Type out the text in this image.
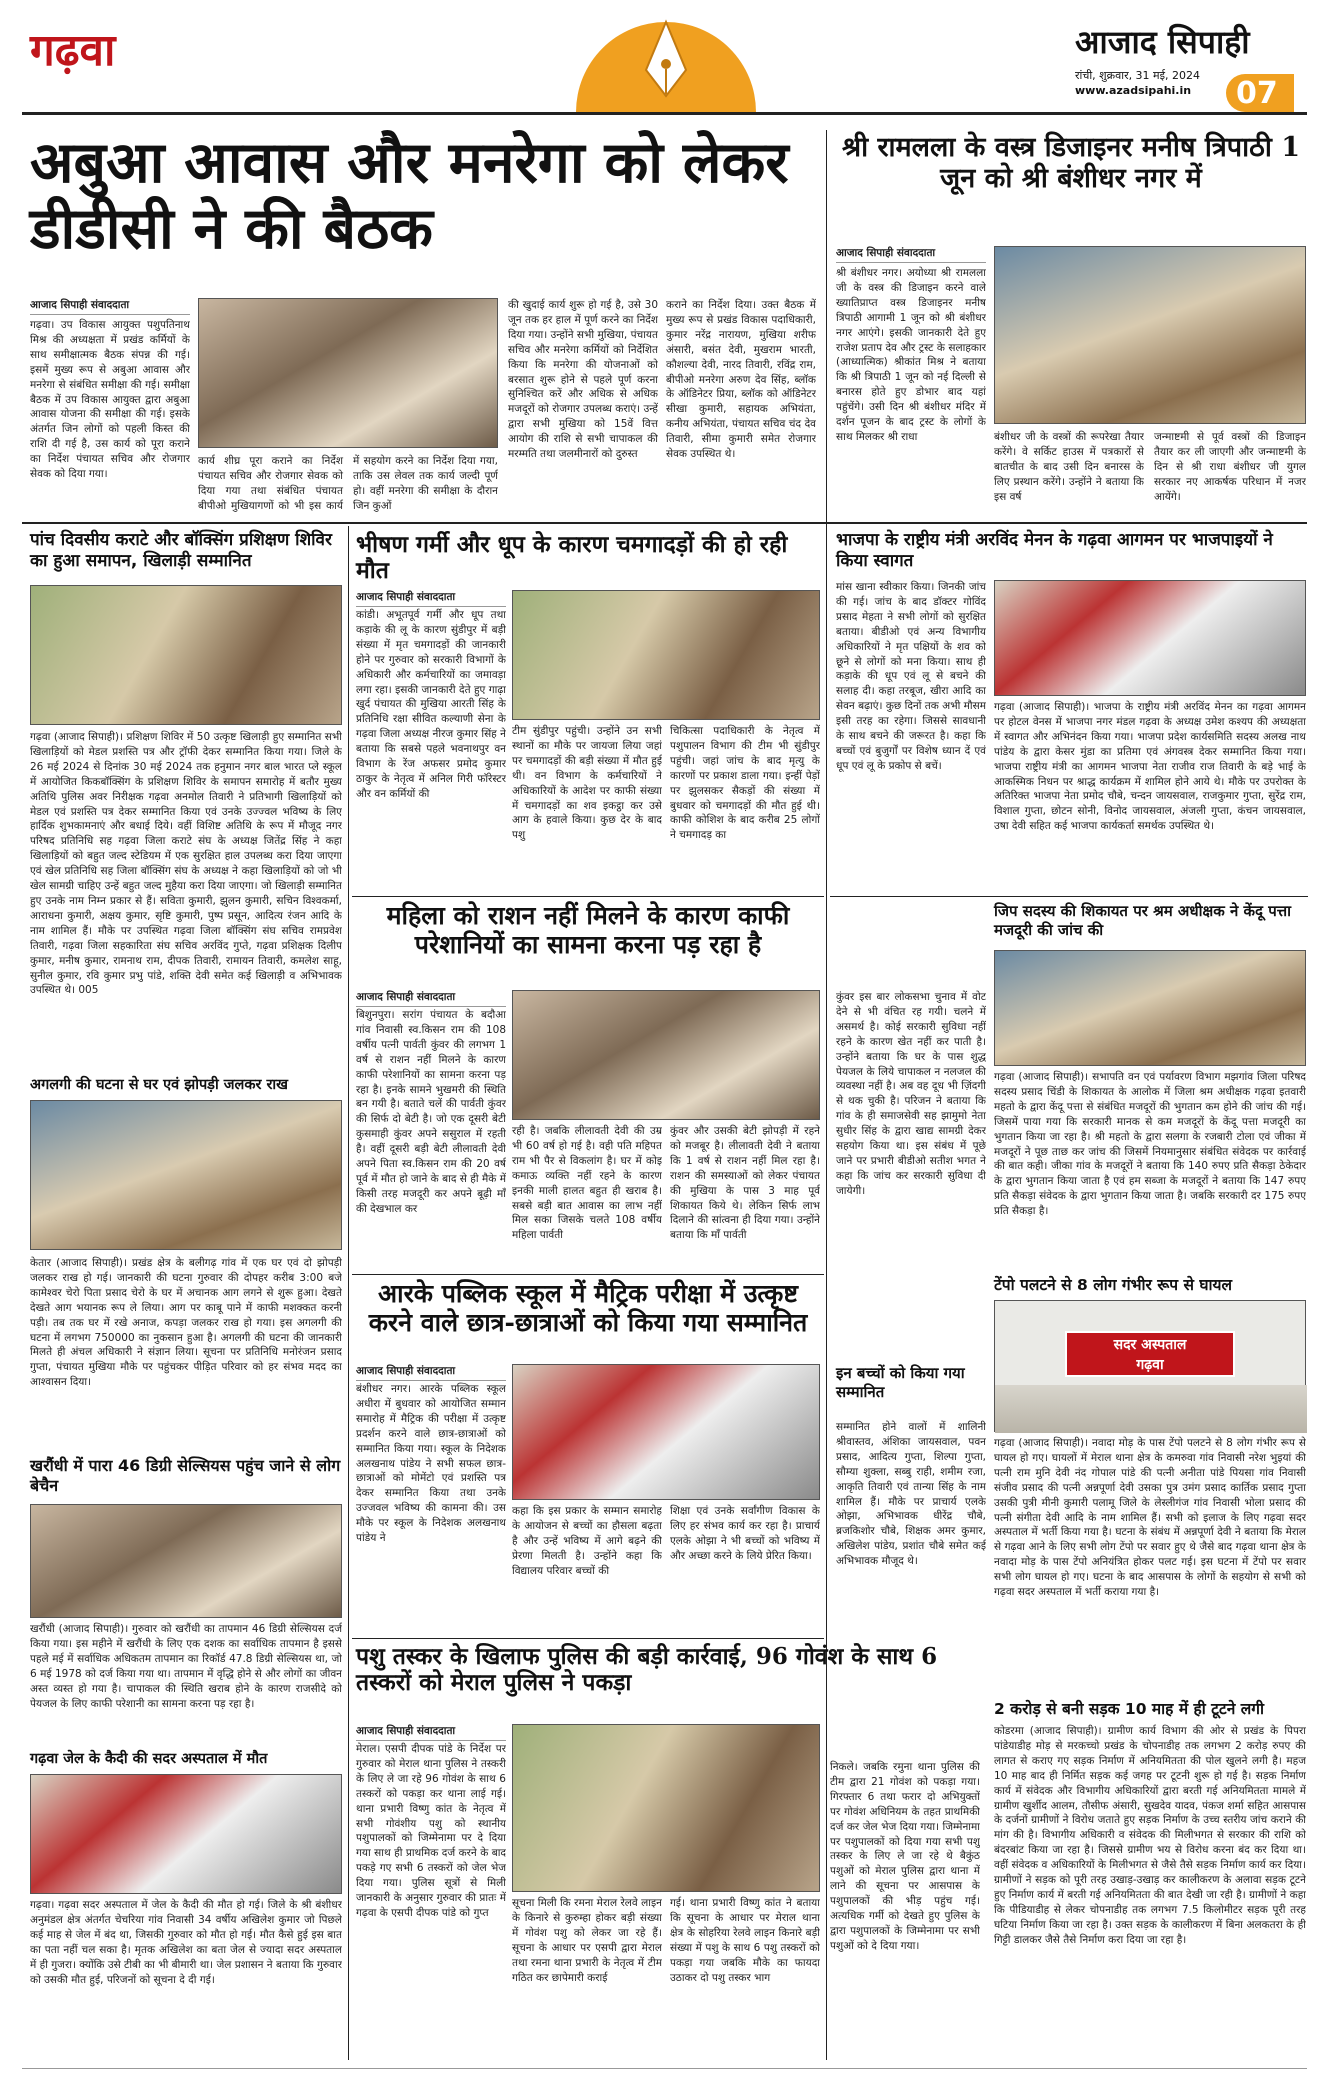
गढ़वा	आजाद सिपाही
रांची, शुक्रवार, 31 मई, 2024
www.azadsipahi.in 07
अबुआ आवास और मनरेगा को लेकर डीडीसी ने की बैठक
आजाद सिपाही संवाददाता
गढ़वा। उप विकास आयुक्त पशुपतिनाथ मिश्र की अध्यक्षता में प्रखंड कर्मियों के साथ समीक्षात्मक बैठक संपन्न की गई। इसमें मुख्य रूप से अबुआ आवास और मनरेगा से संबंधित समीक्षा की गई। समीक्षा बैठक में उप विकास आयुक्त द्वारा अबुआ आवास योजना की समीक्षा की गई। इसके अंतर्गत जिन लोगों को पहली किस्त की राशि दी गई है, उस कार्य को पूरा कराने का निर्देश पंचायत सचिव और रोजगार सेवक को दिया गया।
कार्य शीघ्र पूरा कराने का निर्देश पंचायत सचिव और रोजगार सेवक को दिया गया तथा संबंधित पंचायत बीपीओ मुखियागणों को भी इस कार्य में सहयोग करने का निर्देश दिया गया, ताकि उस लेवल तक कार्य जल्दी पूर्ण हो। वहीं मनरेगा की समीक्षा के दौरान जिन कुओं
की खुदाई कार्य शुरू हो गई है, उसे 30 जून तक हर हाल में पूर्ण करने का निर्देश दिया गया। उन्होंने सभी मुखिया, पंचायत सचिव और मनरेगा कर्मियों को निर्देशित किया कि मनरेगा की योजनाओं को बरसात शुरू होने से पहले पूर्ण करना सुनिश्चित करें और अधिक से अधिक मजदूरों को रोजगार उपलब्ध कराएं। उन्हें द्वारा सभी मुखिया को 15वें वित्त आयोग की राशि से सभी चापाकल की मरम्मति तथा जलमीनारों को दुरुस्त
कराने का निर्देश दिया। उक्त बैठक में मुख्य रूप से प्रखंड विकास पदाधिकारी, कुमार नरेंद्र नारायण, मुखिया शरीफ अंसारी, बसंत देवी, मुखराम भारती, कौशल्या देवी, नारद तिवारी, रविंद्र राम, बीपीओ मनरेगा अरुण देव सिंह, ब्लॉक के ऑडिनेटर प्रिया, ब्लॉक को ऑडिनेटर सीखा कुमारी, सहायक अभियंता, कनीय अभियंता, पंचायत सचिव चंद देव तिवारी, सीमा कुमारी समेत रोजगार सेवक उपस्थित थे।
श्री रामलला के वस्त्र डिजाइनर मनीष त्रिपाठी 1 जून को श्री बंशीधर नगर में
आजाद सिपाही संवाददाता
श्री बंशीधर नगर। अयोध्या श्री रामलला जी के वस्त्र की डिजाइन करने वाले ख्यातिप्राप्त वस्त्र डिजाइनर मनीष त्रिपाठी आगामी 1 जून को श्री बंशीधर नगर आएंगे। इसकी जानकारी देते हुए राजेश प्रताप देव और ट्रस्ट के सलाहकार (आध्यात्मिक) श्रीकांत मिश्र ने बताया कि श्री त्रिपाठी 1 जून को नई दिल्ली से बनारस होते हुए डोभार बाद यहां पहुंचेंगे। उसी दिन श्री बंशीधर मंदिर में दर्शन पूजन के बाद ट्रस्ट के लोगों के साथ मिलकर श्री राधा	बंशीधर जी के वस्त्रों की रूपरेखा तैयार करेंगे। वे सर्किट हाउस में पत्रकारों से बातचीत के बाद उसी दिन बनारस के लिए प्रस्थान करेंगे। उन्होंने ने बताया कि इस वर्ष
जन्माष्टमी से पूर्व वस्त्रों की डिजाइन तैयार कर ली जाएगी और जन्माष्टमी के दिन से श्री राधा बंशीधर जी युगल सरकार नए आकर्षक परिधान में नजर आयेंगे।
पांच दिवसीय कराटे और बॉक्सिंग प्रशिक्षण शिविर का हुआ समापन, खिलाड़ी सम्मानित
गढ़वा (आजाद सिपाही)। प्रशिक्षण शिविर में 50 उत्कृष्ट खिलाड़ी हुए सम्मानित सभी खिलाड़ियों को मेडल प्रशस्ति पत्र और ट्रॉफी देकर सम्मानित किया गया। जिले के 26 मई 2024 से दिनांक 30 मई 2024 तक हनुमान नगर बाल भारत प्ले स्कूल में आयोजित किकबॉक्सिंग के प्रशिक्षण शिविर के समापन समारोह में बतौर मुख्य अतिथि पुलिस अवर निरीक्षक गढ़वा अनमोल तिवारी ने प्रतिभागी खिलाड़ियों को मेडल एवं प्रशस्ति पत्र देकर सम्मानित किया एवं उनके उज्ज्वल भविष्य के लिए हार्दिक शुभकामनाएं और बधाई दिये। वहीं विशिष्ट अतिथि के रूप में मौजूद नगर परिषद प्रतिनिधि सह गढ़वा जिला कराटे संघ के अध्यक्ष जितेंद्र सिंह ने कहा खिलाड़ियों को बहुत जल्द स्टेडियम में एक सुरक्षित हाल उपलब्ध करा दिया जाएगा एवं खेल प्रतिनिधि सह जिला बॉक्सिंग संघ के अध्यक्ष ने कहा खिलाड़ियों को जो भी खेल सामग्री चाहिए उन्हें बहुत जल्द मुहैया करा दिया जाएगा। जो खिलाड़ी सम्मानित हुए उनके नाम निम्न प्रकार से हैं। सविता कुमारी, झुलन कुमारी, सचिन विश्वकर्मा, आराधना कुमारी, अक्षय कुमार, सृष्टि कुमारी, पुष्प प्रसून, आदित्य रंजन आदि के नाम शामिल हैं। मौके पर उपस्थित गढ़वा जिला बॉक्सिंग संघ सचिव रामप्रवेश तिवारी, गढ़वा जिला सहकारिता संघ सचिव अरविंद गुप्ते, गढ़वा प्रशिक्षक दिलीप कुमार, मनीष कुमार, रामनाथ राम, दीपक तिवारी, रामायन तिवारी, कमलेश साहू, सुनील कुमार, रवि कुमार प्रभु पांडे, शक्ति देवी समेत कई खिलाड़ी व अभिभावक उपस्थित थे। 005
अगलगी की घटना से घर एवं झोपड़ी जलकर राख
केतार (आजाद सिपाही)। प्रखंड क्षेत्र के बलीगढ़ गांव में एक घर एवं दो झोपड़ी जलकर राख हो गई। जानकारी की घटना गुरुवार की दोपहर करीब 3:00 बजे कामेश्वर चेरो पिता प्रसाद चेरो के घर में अचानक आग लगने से शुरू हुआ। देखते देखते आग भयानक रूप ले लिया। आग पर काबू पाने में काफी मशक्कत करनी पड़ी। तब तक घर में रखे अनाज, कपड़ा जलकर राख हो गया। इस अगलगी की घटना में लगभग 750000 का नुकसान हुआ है। अगलगी की घटना की जानकारी मिलते ही अंचल अधिकारी ने संज्ञान लिया। सूचना पर प्रतिनिधि मनोरंजन प्रसाद गुप्ता, पंचायत मुखिया मौके पर पहुंचकर पीड़ित परिवार को हर संभव मदद का आश्वासन दिया।
खरौंधी में पारा 46 डिग्री सेल्सियस पहुंच जाने से लोग बेचैन
खरौंधी (आजाद सिपाही)। गुरुवार को खरौंधी का तापमान 46 डिग्री सेल्सियस दर्ज किया गया। इस महीने में खरौंधी के लिए एक दशक का सर्वाधिक तापमान है इससे पहले मई में सर्वाधिक अधिकतम तापमान का रिकॉर्ड 47.8 डिग्री सेल्सियस था, जो 6 मई 1978 को दर्ज किया गया था। तापमान में वृद्धि होने से और लोगों का जीवन अस्त व्यस्त हो गया है। चापाकल की स्थिति खराब होने के कारण राजसीदे को पेयजल के लिए काफी परेशानी का सामना करना पड़ रहा है।
गढ़वा जेल के कैदी की सदर अस्पताल में मौत
गढ़वा। गढ़वा सदर अस्पताल में जेल के कैदी की मौत हो गई। जिले के श्री बंशीधर अनुमंडल क्षेत्र अंतर्गत चेचरिया गांव निवासी 34 वर्षीय अखिलेश कुमार जो पिछले कई माह से जेल में बंद था, जिसकी गुरुवार को मौत हो गई। मौत कैसे हुई इस बात का पता नहीं चल सका है। मृतक अखिलेश का बता जेल से ज्यादा सदर अस्पताल में ही गुजरा। क्योंकि उसे टीबी का भी बीमारी था। जेल प्रशासन ने बताया कि गुरुवार को उसकी मौत हुई, परिजनों को सूचना दे दी गई।
भीषण गर्मी और धूप के कारण चमगादड़ों की हो रही मौत
आजाद सिपाही संवाददाता
कांडी। अभूतपूर्व गर्मी और धूप तथा कड़ाके की लू के कारण सुंडीपुर में बड़ी संख्या में मृत चमगादड़ों की जानकारी होने पर गुरुवार को सरकारी विभागों के अधिकारी और कर्मचारियों का जमावड़ा लगा रहा। इसकी जानकारी देते हुए गाढ़ा खुर्द पंचायत की मुखिया आरती सिंह के प्रतिनिधि रक्षा सीवित कल्याणी सेना के गढ़वा जिला अध्यक्ष नीरज कुमार सिंह ने बताया कि सबसे पहले भवनाथपुर वन विभाग के रेंज अफसर प्रमोद कुमार ठाकुर के नेतृत्व में अनिल गिरी फॉरेस्टर और वन कर्मियों की
टीम सुंडीपुर पहुंची। उन्होंने उन सभी स्थानों का मौके पर जायजा लिया जहां पर चमगादड़ों की बड़ी संख्या में मौत हुई थी। वन विभाग के कर्मचारियों ने अधिकारियों के आदेश पर काफी संख्या में चमगादड़ों का शव इकट्ठा कर उसे आग के हवाले किया। कुछ देर के बाद पशु
चिकित्सा पदाधिकारी के नेतृत्व में पशुपालन विभाग की टीम भी सुंडीपुर पहुंची। जहां जांच के बाद मृत्यु के कारणों पर प्रकाश डाला गया। इन्हीं पेड़ों पर झुलसकर सैकड़ों की संख्या में बुधवार को चमगादड़ों की मौत हुई थी। काफी कोशिश के बाद करीब 25 लोगों ने चमगादड़ का
महिला को राशन नहीं मिलने के कारण काफी परेशानियों का सामना करना पड़ रहा है
आजाद सिपाही संवाददाता
बिशुनपुरा। सरांग पंचायत के बदौआ गांव निवासी स्व.किसन राम की 108 वर्षीय पत्नी पार्वती कुंवर की लगभग 1 वर्ष से राशन नहीं मिलने के कारण काफी परेशानियों का सामना करना पड़ रहा है। इनके सामने भुखमरी की स्थिति बन गयी है। बताते चलें की पार्वती कुंवर की सिर्फ दो बेटी है। जो एक दूसरी बेटी कुसमाही कुंवर अपने ससुराल में रहती है। वहीं दूसरी बड़ी बेटी लीलावती देवी अपने पिता स्व.किसन राम की 20 वर्ष पूर्व में मौत हो जाने के बाद से ही मैके में किसी तरह मजदूरी कर अपने बूढ़ी माँ की देखभाल कर
रही है। जबकि लीलावती देवी की उम्र भी 60 वर्ष हो गई है। वही पति महिपत राम भी पैर से विकलांग है। घर में कोइ कमाऊ व्यक्ति नहीं रहने के कारण इनकी माली हालत बहुत ही खराब है। सबसे बड़ी बात आवास का लाभ नहीं मिल सका जिसके चलते 108 वर्षीय महिला पार्वती
कुंवर और उसकी बेटी झोपड़ी में रहने को मजबूर है। लीलावती देवी ने बताया कि 1 वर्ष से राशन नहीं मिल रहा है। राशन की समस्याओं को लेकर पंचायत की मुखिया के पास 3 माह पूर्व शिकायत किये थे। लेकिन सिर्फ लाभ दिलाने की सांत्वना ही दिया गया। उन्होंने बताया कि माँ पार्वती
आरके पब्लिक स्कूल में मैट्रिक परीक्षा में उत्कृष्ट करने वाले छात्र-छात्राओं को किया गया सम्मानित
आजाद सिपाही संवाददाता
बंशीधर नगर। आरके पब्लिक स्कूल अधीरा में बुधवार को आयोजित सम्मान समारोह में मैट्रिक की परीक्षा में उत्कृष्ट प्रदर्शन करने वाले छात्र-छात्राओं को सम्मानित किया गया। स्कूल के निदेशक अलखनाथ पांडेय ने सभी सफल छात्र-छात्राओं को मोमेंटो एवं प्रशस्ति पत्र देकर सम्मानित किया तथा उनके उज्जवल भविष्य की कामना की। उस मौके पर स्कूल के निदेशक अलखनाथ पांडेय ने
कहा कि इस प्रकार के सम्मान समारोह के आयोजन से बच्चों का हौसला बढ़ता है और उन्हें भविष्य में आगे बढ़ने की प्रेरणा मिलती है। उन्होंने कहा कि विद्यालय परिवार बच्चों की
शिक्षा एवं उनके सर्वांगीण विकास के लिए हर संभव कार्य कर रहा है। प्राचार्य एलके ओझा ने भी बच्चों को भविष्य में और अच्छा करने के लिये प्रेरित किया।
पशु तस्कर के खिलाफ पुलिस की बड़ी कार्रवाई, 96 गोवंश के साथ 6 तस्करों को मेराल पुलिस ने पकड़ा
आजाद सिपाही संवाददाता
मेराल। एसपी दीपक पांडे के निर्देश पर गुरुवार को मेराल थाना पुलिस ने तस्करी के लिए ले जा रहे 96 गोवंश के साथ 6 तस्करों को पकड़ा कर थाना लाई गई। थाना प्रभारी विष्णु कांत के नेतृत्व में सभी गोवंशीय पशु को स्थानीय पशुपालकों को जिम्मेनामा पर दे दिया गया साथ ही प्राथमिक दर्ज करने के बाद पकड़े गए सभी 6 तस्करों को जेल भेज दिया गया। पुलिस सूत्रों से मिली जानकारी के अनुसार गुरुवार की प्रातः में गढ़वा के एसपी दीपक पांडे को गुप्त
सूचना मिली कि रमना मेराल रेलवे लाइन के किनारे से कुरुम्हा होकर बड़ी संख्या में गोवंश पशु को लेकर जा रहे हैं। सूचना के आधार पर एसपी द्वारा मेराल तथा रमना थाना प्रभारी के नेतृत्व में टीम गठित कर छापेमारी कराई
गई। थाना प्रभारी विष्णु कांत ने बताया कि सूचना के आधार पर मेराल थाना क्षेत्र के सोहरिया रेलवे लाइन किनारे बड़ी संख्या में पशु के साथ 6 पशु तस्करों को पकड़ा गया जबकि मौके का फायदा उठाकर दो पशु तस्कर भाग
निकले। जबकि रमुना थाना पुलिस की टीम द्वारा 21 गोवंश को पकड़ा गया। गिरफ्तार 6 तथा फरार दो अभियुक्तों पर गोवंश अधिनियम के तहत प्राथमिकी दर्ज कर जेल भेज दिया गया। जिम्मेनामा पर पशुपालकों को दिया गया सभी पशु तस्कर के लिए ले जा रहे थे बैकुंठ पशुओं को मेराल पुलिस द्वारा थाना में लाने की सूचना पर आसपास के पशुपालकों की भीड़ पहुंच गई। अत्यधिक गर्मी को देखते हुए पुलिस के द्वारा पशुपालकों के जिम्मेनामा पर सभी पशुओं को दे दिया गया।
भाजपा के राष्ट्रीय मंत्री अरविंद मेनन के गढ़वा आगमन पर भाजपाइयों ने किया स्वागत
मांस खाना स्वीकार किया। जिनकी जांच की गई। जांच के बाद डॉक्टर गोविंद प्रसाद मेहता ने सभी लोगों को सुरक्षित बताया। बीडीओ एवं अन्य विभागीय अधिकारियों ने मृत पक्षियों के शव को छूने से लोगों को मना किया। साथ ही कड़ाके की धूप एवं लू से बचने की सलाह दी। कहा तरबूज, खीरा आदि का सेवन बढ़ाएं। कुछ दिनों तक अभी मौसम इसी तरह का रहेगा। जिससे सावधानी के साथ बचने की जरूरत है। कहा कि बच्चों एवं बुजुर्गों पर विशेष ध्यान दें एवं धूप एवं लू के प्रकोप से बचें।
गढ़वा (आजाद सिपाही)। भाजपा के राष्ट्रीय मंत्री अरविंद मेनन का गढ़वा आगमन पर होटल वेनस में भाजपा नगर मंडल गढ़वा के अध्यक्ष उमेश कश्यप की अध्यक्षता में स्वागत और अभिनंदन किया गया। भाजपा प्रदेश कार्यसमिति सदस्य अलख नाथ पांडेय के द्वारा केसर मुंडा का प्रतिमा एवं अंगवस्त्र देकर सम्मानित किया गया। भाजपा राष्ट्रीय मंत्री का आगमन भाजपा नेता राजीव राज तिवारी के बड़े भाई के आकस्मिक निधन पर श्राद्ध कार्यक्रम में शामिल होने आये थे। मौके पर उपरोक्त के अतिरिक्त भाजपा नेता प्रमोद चौबे, चन्दन जायसवाल, राजकुमार गुप्ता, सुरेंद्र राम, विशाल गुप्ता, छोटन सोनी, विनोद जायसवाल, अंजली गुप्ता, कंचन जायसवाल, उषा देवी सहित कई भाजपा कार्यकर्ता समर्थक उपस्थित थे।
जिप सदस्य की शिकायत पर श्रम अधीक्षक ने केंदू पत्ता मजदूरी की जांच की
कुंवर इस बार लोकसभा चुनाव में वोट देने से भी वंचित रह गयी। चलने में असमर्थ है। कोई सरकारी सुविधा नहीं रहने के कारण खेत नहीं कर पाती है। उन्होंने बताया कि घर के पास शुद्ध पेयजल के लिये चापाकल न नलजल की व्यवस्था नहीं है। अब वह दूध भी ज़िंदगी से थक चुकी है। परिजन ने बताया कि गांव के ही समाजसेवी सह झामुमो नेता सुधीर सिंह के द्वारा खाद्य सामग्री देकर सहयोग किया था। इस संबंध में पूछे जाने पर प्रभारी बीडीओ सतीश भगत ने कहा कि जांच कर सरकारी सुविधा दी जायेगी।
गढ़वा (आजाद सिपाही)। सभापति वन एवं पर्यावरण विभाग मझगांव जिला परिषद सदस्य प्रसाद चिंडी के शिकायत के आलोक में जिला श्रम अधीक्षक गढ़वा इतवारी महतो के द्वारा केंदू पत्ता से संबंधित मजदूरों की भुगतान कम होने की जांच की गई। जिसमें पाया गया कि सरकारी मानक से कम मजदूरों के केंदू पत्ता मजदूरी का भुगतान किया जा रहा है। श्री महतो के द्वारा सलगा के रजबारी टोला एवं जीका में मजदूरों ने पूछ ताछ कर जांच की जिसमें नियमानुसार संबंधित संवेदक पर कार्रवाई की बात कही। जीका गांव के मजदूरों ने बताया कि 140 रुपए प्रति सैकड़ा ठेकेदार के द्वारा भुगतान किया जाता है एवं हम सब्जा के मजदूरों ने बताया कि 147 रुपए प्रति सैकड़ा संवेदक के द्वारा भुगतान किया जाता है। जबकि सरकारी दर 175 रुपए प्रति सैकड़ा है।
टेंपो पलटने से 8 लोग गंभीर रूप से घायल
सदर अस्पताल
गढ़वा
गढ़वा (आजाद सिपाही)। नवादा मोड़ के पास टेंपो पलटने से 8 लोग गंभीर रूप से घायल हो गए। घायलों में मेराल थाना क्षेत्र के कमरुवा गांव निवासी नरेश भुइयां की पत्नी राम मुनि देवी नंद गोपाल पांडे की पत्नी अनीता पांडे पियसा गांव निवासी संजीव प्रसाद की पत्नी अन्नपूर्णा देवी उसका पुत्र उमंग प्रसाद कार्तिक प्रसाद गुप्ता उसकी पुत्री मीनी कुमारी पलामू जिले के लेस्लीगंज गांव निवासी भोला प्रसाद की पत्नी संगीता देवी आदि के नाम शामिल हैं। सभी को इलाज के लिए गढ़वा सदर अस्पताल में भर्ती किया गया है। घटना के संबंध में अन्नपूर्णा देवी ने बताया कि मेराल से गढ़वा आने के लिए सभी लोग टेंपो पर सवार हुए थे जैसे बाद गढ़वा थाना क्षेत्र के नवादा मोड़ के पास टेंपो अनियंत्रित होकर पलट गई। इस घटना में टेंपो पर सवार सभी लोग घायल हो गए। घटना के बाद आसपास के लोगों के सहयोग से सभी को गढ़वा सदर अस्पताल में भर्ती कराया गया है।
सम्मानित होने वालों में शालिनी श्रीवास्तव, अंशिका जायसवाल, पवन प्रसाद, आदित्य गुप्ता, शिल्पा गुप्ता, सौम्या शुक्ला, सब्बु राही, शमीम रजा, आकृति तिवारी एवं तान्या सिंह के नाम शामिल हैं। मौके पर प्राचार्य एलके ओझा, अभिभावक धीरेंद्र चौबे, ब्रजकिशोर चौबे, शिक्षक अमर कुमार, अखिलेश पांडेय, प्रशांत चौबे समेत कई अभिभावक मौजूद थे।
इन बच्चों को किया गया सम्मानित
2 करोड़ से बनी सड़क 10 माह में ही टूटने लगी
कोडरमा (आजाद सिपाही)। ग्रामीण कार्य विभाग की ओर से प्रखंड के पिपरा पांडेयाडीह मोड़ से मरकच्चो प्रखंड के चोपनाडीह तक लगभग 2 करोड़ रुपए की लागत से कराए गए सड़क निर्माण में अनियमितता की पोल खुलने लगी है। महज 10 माह बाद ही निर्मित सड़क कई जगह पर टूटनी शुरू हो गई है। सड़क निर्माण कार्य में संवेदक और विभागीय अधिकारियों द्वारा बरती गई अनियमितता मामले में ग्रामीण खुर्शीद आलम, तौसीफ अंसारी, सुखदेव यादव, पंकज शर्मा सहित आसपास के दर्जनों ग्रामीणों ने विरोध जताते हुए सड़क निर्माण के उच्च स्तरीय जांच कराने की मांग की है। विभागीय अधिकारी व संवेदक की मिलीभगत से सरकार की राशि को बंदरबांट किया जा रहा है। जिससे ग्रामीण भय से विरोध करना बंद कर दिया था। वहीं संवेदक व अधिकारियों के मिलीभगत से जैसे तैसे सड़क निर्माण कार्य कर दिया। ग्रामीणों ने सड़क को पूरी तरह उखाड़-उखाड़ कर कालीकरण के अलावा सड़क टूटने हुए निर्माण कार्य में बरती गई अनियमितता की बात देखी जा रही है। ग्रामीणों ने कहा कि पीडियाडीह से लेकर चोपनाडीह तक लगभग 7.5 किलोमीटर सड़क पूरी तरह घटिया निर्माण किया जा रहा है। उक्त सड़क के कालीकरण में बिना अलकतरा के ही गिट्टी डालकर जैसे तैसे निर्माण करा दिया जा रहा है।
